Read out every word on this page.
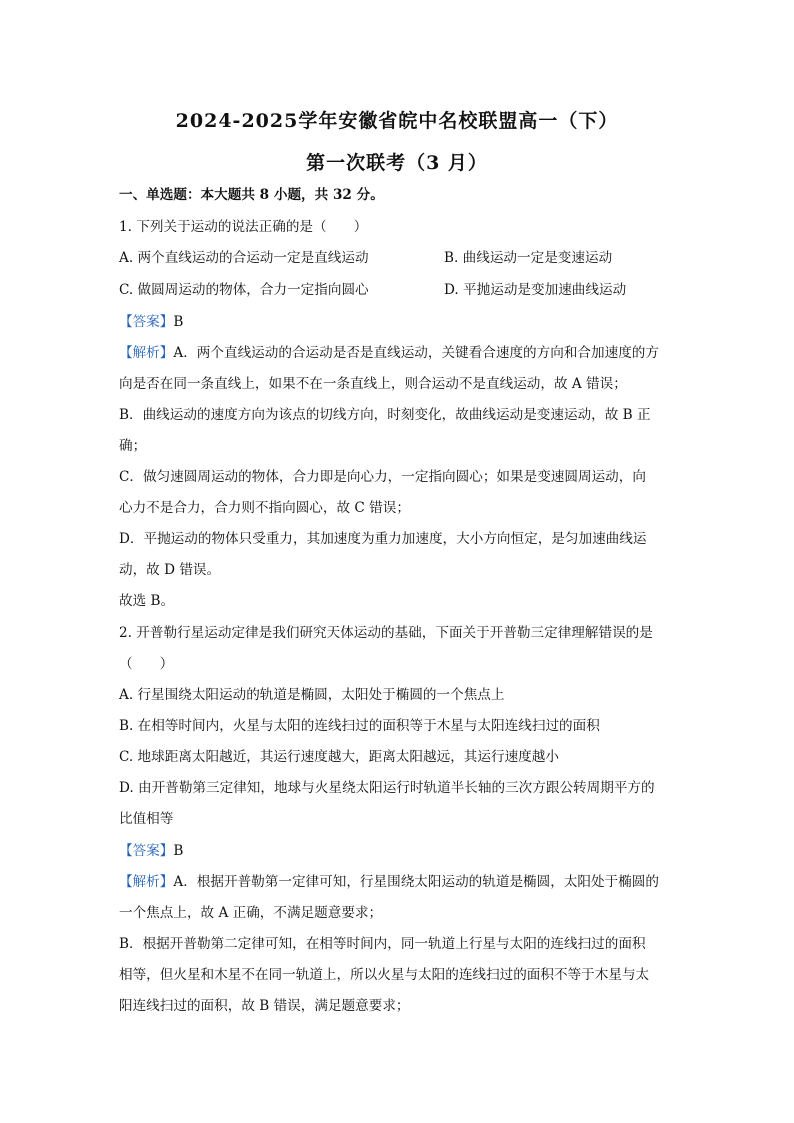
2024-2025学年安徽省皖中名校联盟高一（下）
第一次联考（3 月）
一、单选题：本大题共 8 小题，共 32 分。
1. 下列关于运动的说法正确的是（　　）
A. 两个直线运动的合运动一定是直线运动	B. 曲线运动一定是变速运动
C. 做圆周运动的物体，合力一定指向圆心	D. 平抛运动是变加速曲线运动
【答案】B
【解析】A．两个直线运动的合运动是否是直线运动，关键看合速度的方向和合加速度的方
向是否在同一条直线上，如果不在一条直线上，则合运动不是直线运动，故 A 错误；
B．曲线运动的速度方向为该点的切线方向，时刻变化，故曲线运动是变速运动，故 B 正
确；
C．做匀速圆周运动的物体，合力即是向心力，一定指向圆心；如果是变速圆周运动，向
心力不是合力，合力则不指向圆心，故 C 错误；
D．平抛运动的物体只受重力，其加速度为重力加速度，大小方向恒定，是匀加速曲线运
动，故 D 错误。
故选 B。
2. 开普勒行星运动定律是我们研究天体运动的基础，下面关于开普勒三定律理解错误的是
（　　）
A. 行星围绕太阳运动的轨道是椭圆，太阳处于椭圆的一个焦点上
B. 在相等时间内，火星与太阳的连线扫过的面积等于木星与太阳连线扫过的面积
C. 地球距离太阳越近，其运行速度越大，距离太阳越远，其运行速度越小
D. 由开普勒第三定律知，地球与火星绕太阳运行时轨道半长轴的三次方跟公转周期平方的
比值相等
【答案】B
【解析】A．根据开普勒第一定律可知，行星围绕太阳运动的轨道是椭圆，太阳处于椭圆的
一个焦点上，故 A 正确，不满足题意要求；
B．根据开普勒第二定律可知，在相等时间内，同一轨道上行星与太阳的连线扫过的面积
相等，但火星和木星不在同一轨道上，所以火星与太阳的连线扫过的面积不等于木星与太
阳连线扫过的面积，故 B 错误，满足题意要求；
